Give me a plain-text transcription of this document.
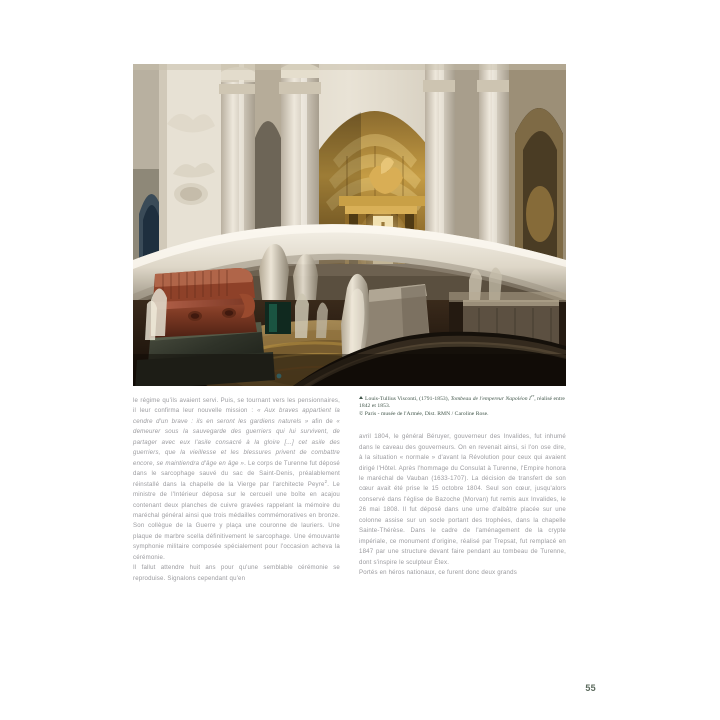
le régime qu'ils avaient servi. Puis, se tournant vers les pensionnaires, il leur confirma leur nouvelle mission : « Aux braves appartient la cendre d'un brave : ils en seront les gardiens naturels » afin de « demeurer sous la sauvegarde des guerriers qui lui survivent, de partager avec eux l'asile consacré à la gloire [...] cet asile des guerriers, que la vieillesse et les blessures privent de combattre encore, se maintiendra d'âge en âge ». Le corps de Turenne fut déposé dans le sarcophage sauvé du sac de Saint-Denis, préalablement réinstallé dans la chapelle de la Vierge par l'architecte Peyre$^2$. Le ministre de l'Intérieur déposa sur le cercueil une boîte en acajou contenant deux planches de cuivre gravées rappelant la mémoire du maréchal général ainsi que trois médailles commémoratives en bronze. Son collègue de la Guerre y plaça une couronne de lauriers. Une plaque de marbre scella définitivement le sarcophage. Une émouvante symphonie militaire composée spécialement pour l'occasion acheva la cérémonie.

Il fallut attendre huit ans pour qu'une semblable cérémonie se reproduise. Signalons cependant qu'en

Louis-Tullius Visconti, (1791-1853), Tombeau de l'empereur Napoléon Ier, réalisé entre 1842 et 1853.
© Paris - musée de l'Armée, Dist. RMN / Caroline Rose.

avril 1804, le général Béruyer, gouverneur des Invalides, fut inhumé dans le caveau des gouverneurs. On en revenait ainsi, si l'on ose dire, à la situation « normale » d'avant la Révolution pour ceux qui avaient dirigé l'Hôtel. Après l'hommage du Consulat à Turenne, l'Empire honora le maréchal de Vauban (1633-1707). La décision de transfert de son cœur avait été prise le 15 octobre 1804. Seul son cœur, jusqu'alors conservé dans l'église de Bazoche (Morvan) fut remis aux Invalides, le 26 mai 1808. Il fut déposé dans une urne d'albâtre placée sur une colonne assise sur un socle portant des trophées, dans la chapelle Sainte-Thérèse. Dans le cadre de l'aménagement de la crypte impériale, ce monument d'origine, réalisé par Trepsat, fut remplacé en 1847 par une structure devant faire pendant au tombeau de Turenne, dont s'inspire le sculpteur Étex.

Portés en héros nationaux, ce furent donc deux grands

55
